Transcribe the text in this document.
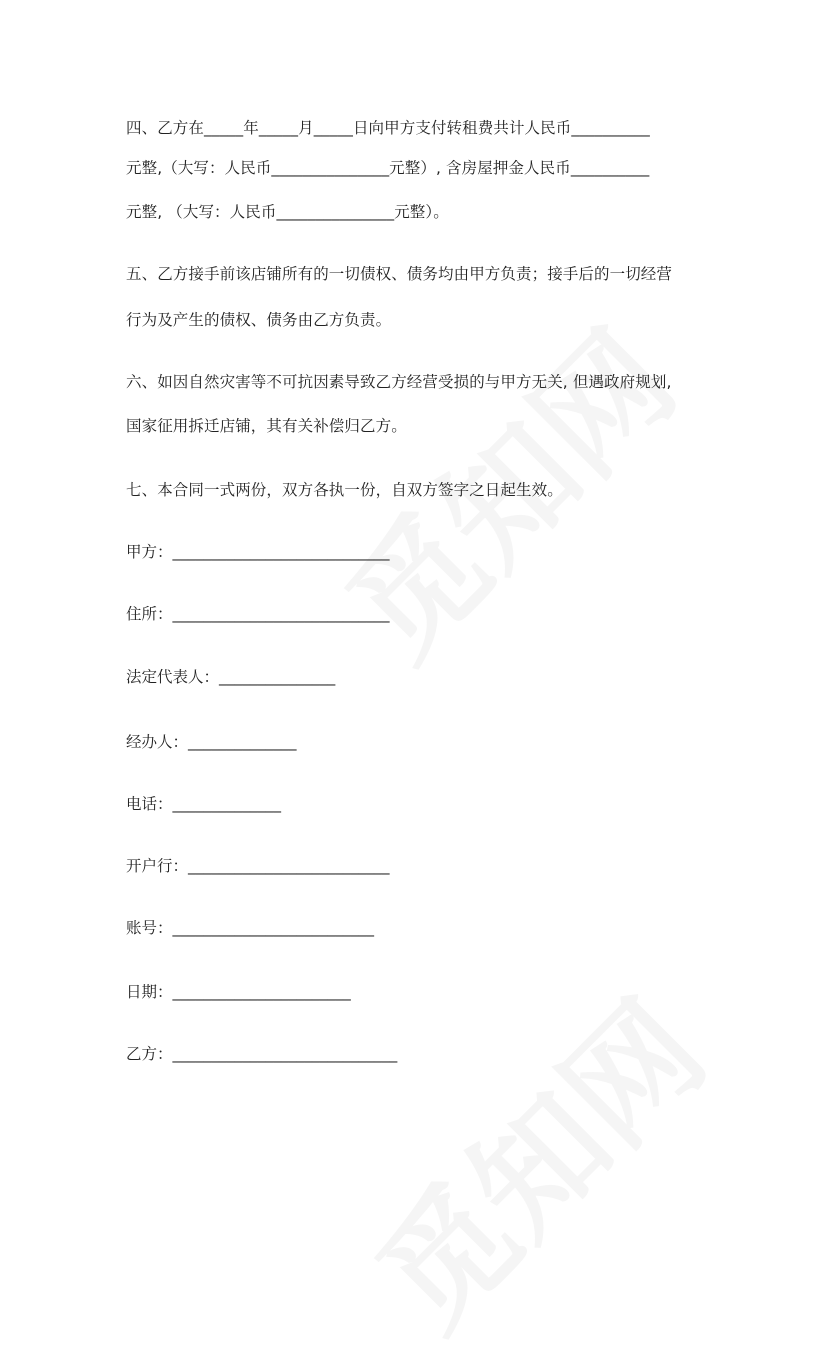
四、乙方在_____年_____月_____日向甲方支付转租费共计人民币__________
元整,（大写：人民币_______________元整）, 含房屋押金人民币__________
元整, （大写：人民币_______________元整）。
五、乙方接手前该店铺所有的一切债权、债务均由甲方负责；接手后的一切经营
行为及产生的债权、债务由乙方负责。
六、如因自然灾害等不可抗因素导致乙方经营受损的与甲方无关, 但遇政府规划,
国家征用拆迁店铺，其有关补偿归乙方。
七、本合同一式两份，双方各执一份，自双方签字之日起生效。
甲方：____________________________
住所：____________________________
法定代表人：_______________
经办人：______________
电话：______________
开户行：__________________________
账号：__________________________
日期：_______________________
乙方：_____________________________
